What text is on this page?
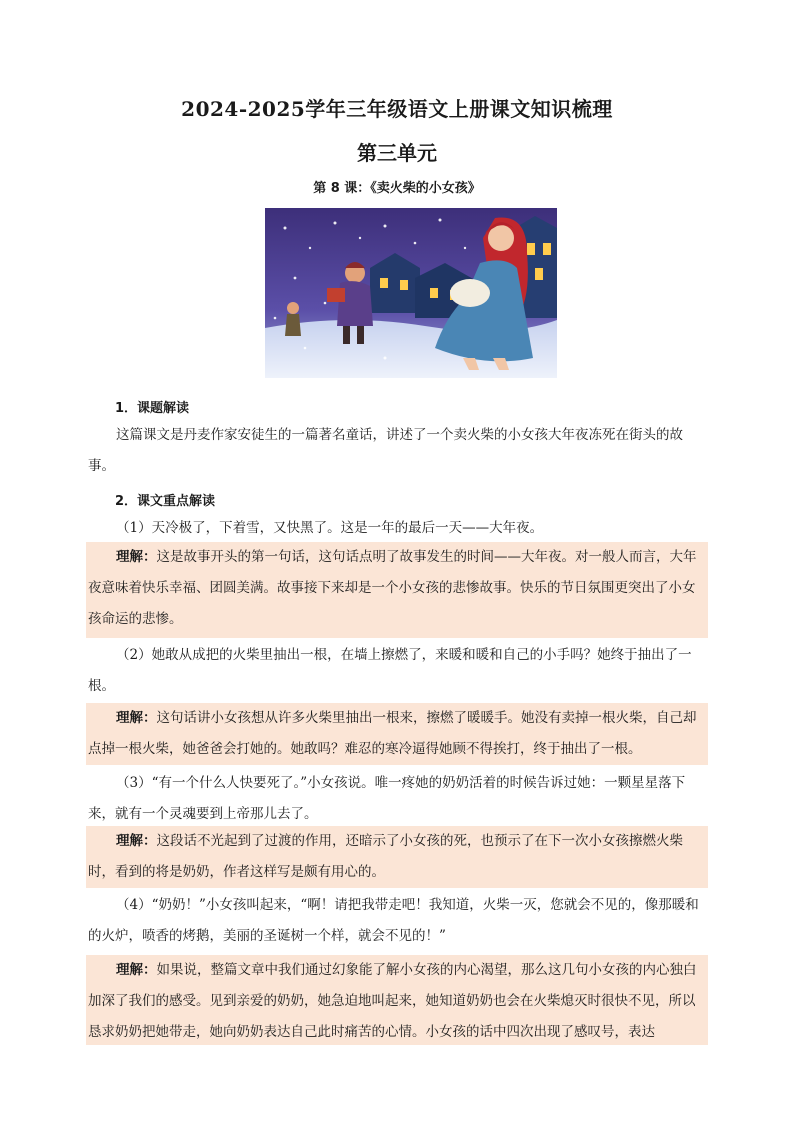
2024-2025学年三年级语文上册课文知识梳理
第三单元
第 8 课：《卖火柴的小女孩》
1．课题解读
这篇课文是丹麦作家安徒生的一篇著名童话，讲述了一个卖火柴的小女孩大年夜冻死在街头的故事。
2．课文重点解读
（1）天冷极了，下着雪，又快黑了。这是一年的最后一天——大年夜。
理解：这是故事开头的第一句话，这句话点明了故事发生的时间——大年夜。对一般人而言，大年夜意味着快乐幸福、团圆美满。故事接下来却是一个小女孩的悲惨故事。快乐的节日氛围更突出了小女孩命运的悲惨。
（2）她敢从成把的火柴里抽出一根，在墙上擦燃了，来暖和暖和自己的小手吗？她终于抽出了一根。
理解：这句话讲小女孩想从许多火柴里抽出一根来，擦燃了暖暖手。她没有卖掉一根火柴，自己却点掉一根火柴，她爸爸会打她的。她敢吗？难忍的寒冷逼得她顾不得挨打，终于抽出了一根。
（3）“有一个什么人快要死了。”小女孩说。唯一疼她的奶奶活着的时候告诉过她：一颗星星落下来，就有一个灵魂要到上帝那儿去了。
理解：这段话不光起到了过渡的作用，还暗示了小女孩的死，也预示了在下一次小女孩擦燃火柴时，看到的将是奶奶，作者这样写是颇有用心的。
（4）“奶奶！”小女孩叫起来，“啊！请把我带走吧！我知道，火柴一灭，您就会不见的，像那暖和的火炉，喷香的烤鹅，美丽的圣诞树一个样，就会不见的！”
理解：如果说，整篇文章中我们通过幻象能了解小女孩的内心渴望，那么这几句小女孩的内心独白加深了我们的感受。见到亲爱的奶奶，她急迫地叫起来，她知道奶奶也会在火柴熄灭时很快不见，所以恳求奶奶把她带走，她向奶奶表达自己此时痛苦的心情。小女孩的话中四次出现了感叹号，表达
